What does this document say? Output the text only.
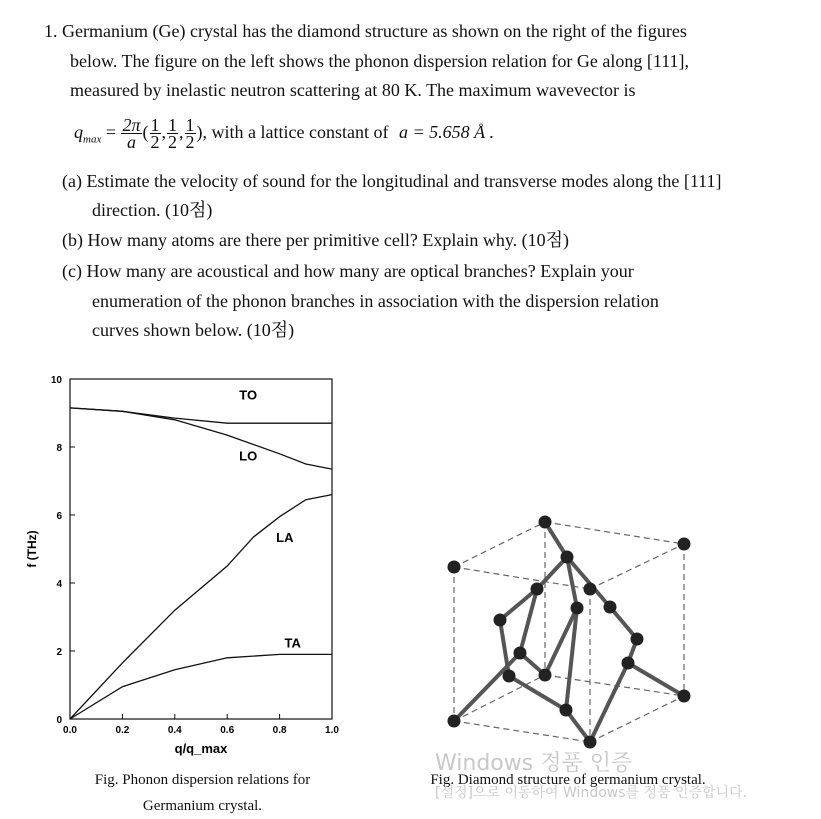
1. Germanium (Ge) crystal has the diamond structure as shown on the right of the figures
below. The figure on the left shows the phonon dispersion relation for Ge along [111],
measured by inelastic neutron scattering at 80 K. The maximum wavevector is
$q_{max} = \frac{2\pi}{a}$ ( $\frac{1}{2}$ , $\frac{1}{2}$ , $\frac{1}{2}$ ), with a lattice constant of a = 5.658 Å .
(a) Estimate the velocity of sound for the longitudinal and transverse modes along the [111]
direction. (10점)
(b) How many atoms are there per primitive cell? Explain why. (10점)
(c) How many are acoustical and how many are optical branches? Explain your
enumeration of the phonon branches in association with the dispersion relation
curves shown below. (10점)
0
2
4
6
8
10
0.0	0.2	0.4	0.6	0.8	1.0
q/q_max
f (THz)
TO
LO
LA
TA
Fig. Phonon dispersion relations for
Germanium crystal.
Fig. Diamond structure of germanium crystal.
Windows 정품 인증
[설정]으로 이동하여 Windows를 정품 인증합니다.
